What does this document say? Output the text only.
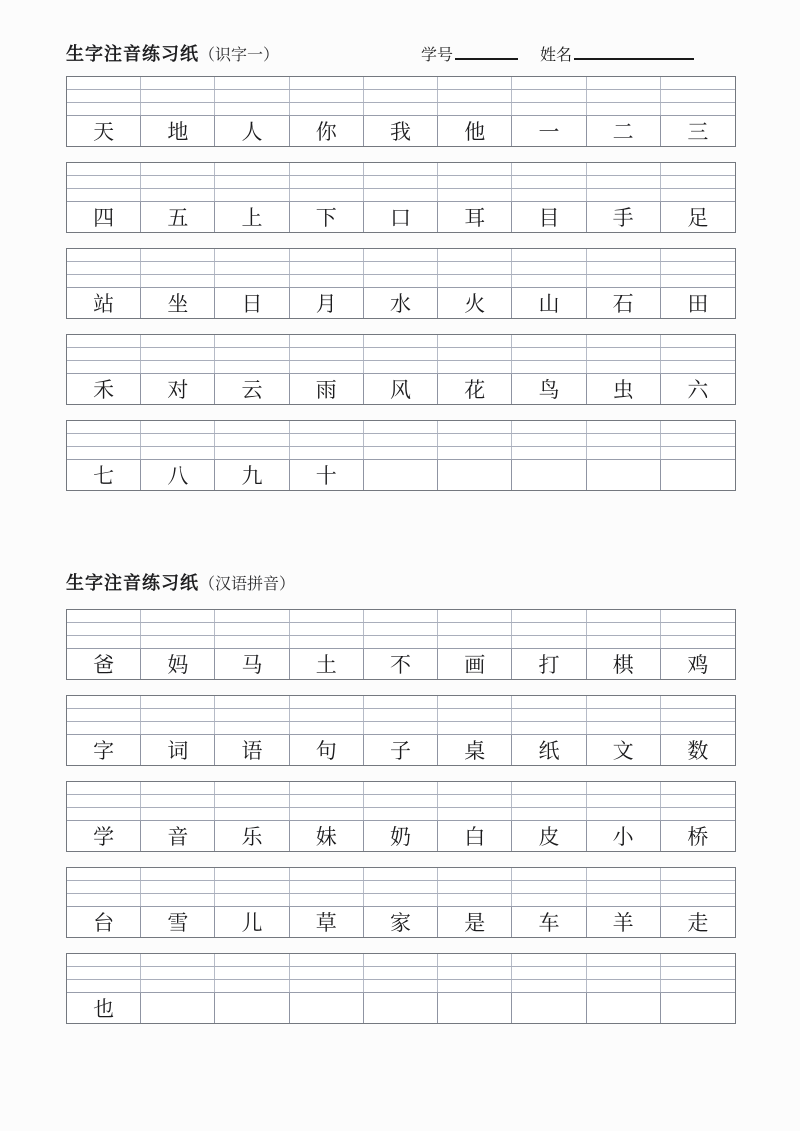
生字注音练习纸 （识字一）	学号	姓名
天	地	人	你	我	他	一	二	三
四	五	上	下	口	耳	目	手	足
站	坐	日	月	水	火	山	石	田
禾	对	云	雨	风	花	鸟	虫	六
七	八	九	十
生字注音练习纸 （汉语拼音）
爸	妈	马	土	不	画	打	棋	鸡
字	词	语	句	子	桌	纸	文	数
学	音	乐	妹	奶	白	皮	小	桥
台	雪	儿	草	家	是	车	羊	走
也
